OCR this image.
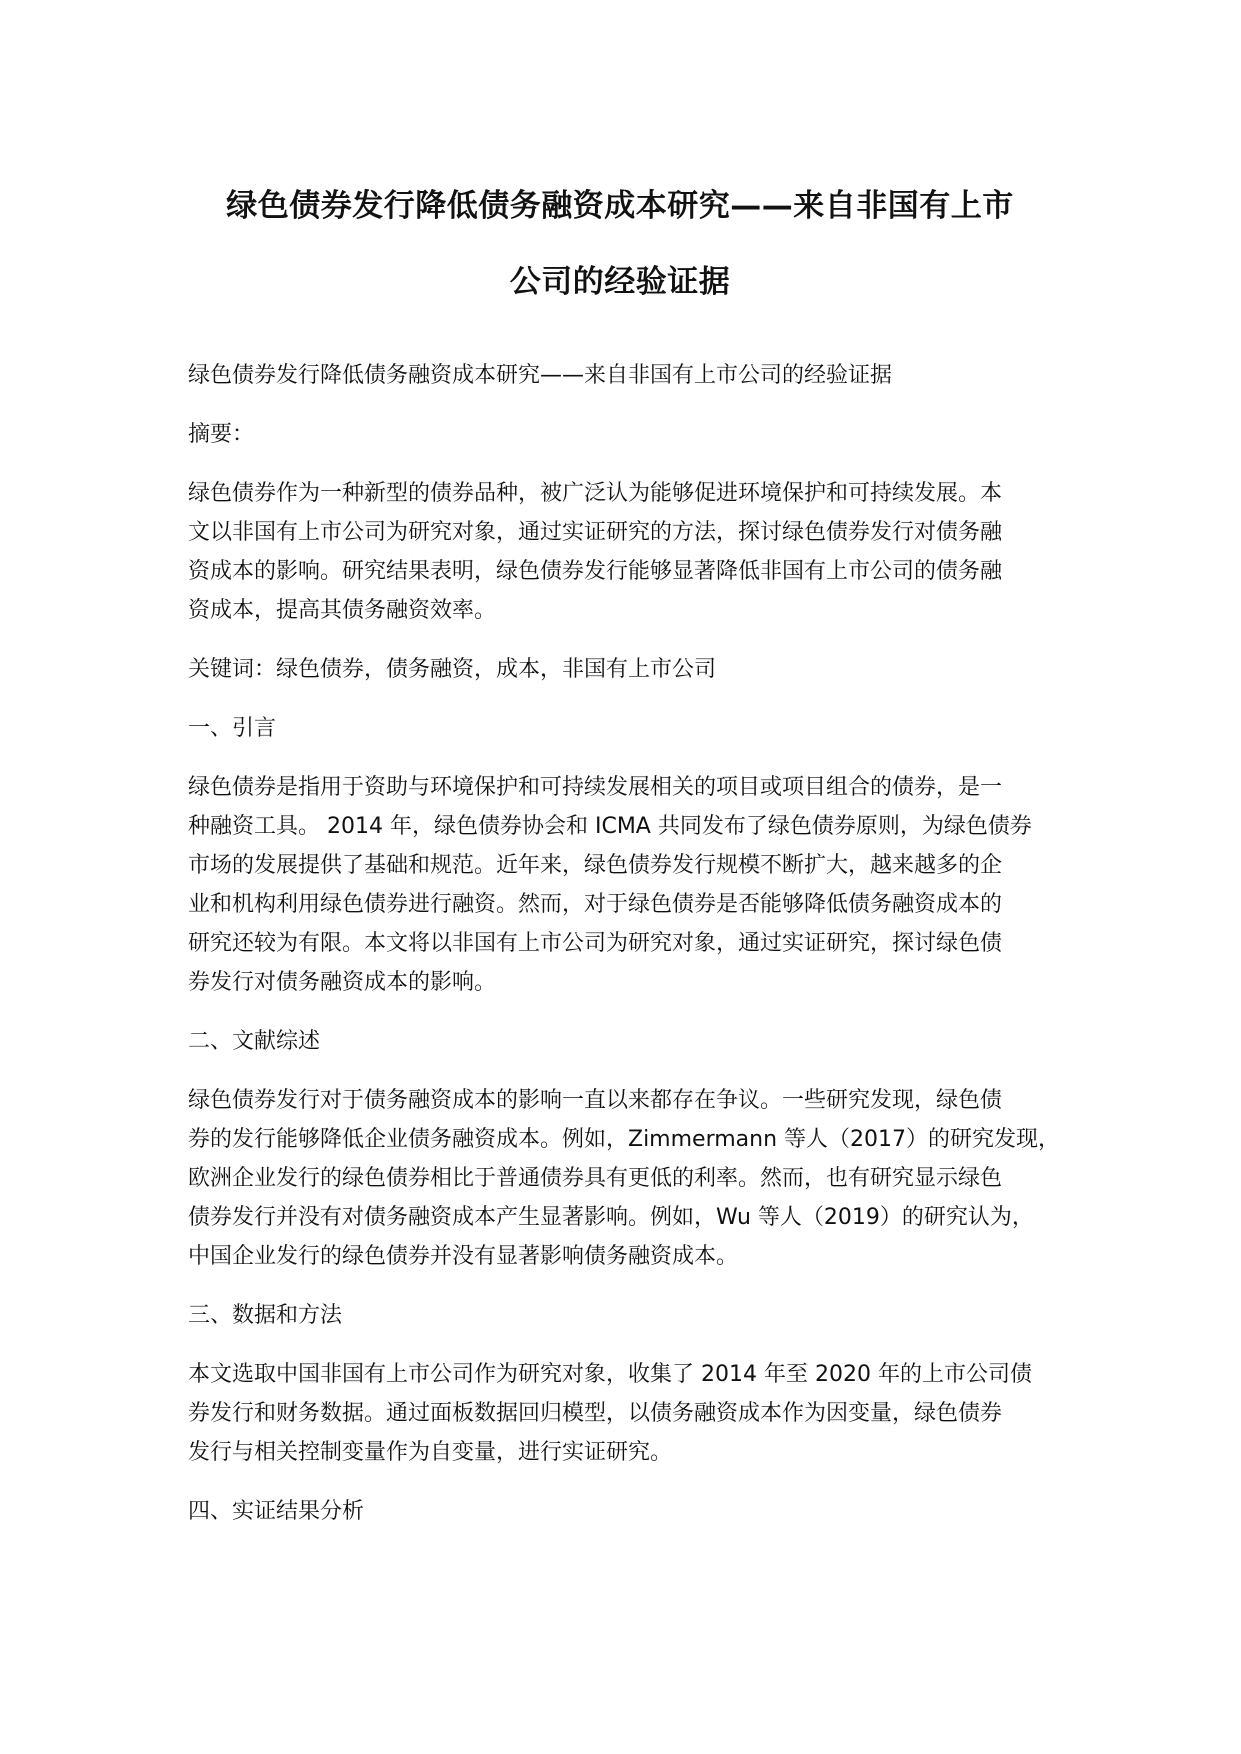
绿色债券发行降低债务融资成本研究——来自非国有上市
公司的经验证据

绿色债券发行降低债务融资成本研究——来自非国有上市公司的经验证据

摘要：

绿色债券作为一种新型的债券品种，被广泛认为能够促进环境保护和可持续发展。本
文以非国有上市公司为研究对象，通过实证研究的方法，探讨绿色债券发行对债务融
资成本的影响。研究结果表明，绿色债券发行能够显著降低非国有上市公司的债务融
资成本，提高其债务融资效率。

关键词：绿色债券，债务融资，成本，非国有上市公司

一、引言

绿色债券是指用于资助与环境保护和可持续发展相关的项目或项目组合的债券，是一
种融资工具。 2014 年，绿色债券协会和 ICMA 共同发布了绿色债券原则，为绿色债券
市场的发展提供了基础和规范。近年来，绿色债券发行规模不断扩大，越来越多的企
业和机构利用绿色债券进行融资。然而，对于绿色债券是否能够降低债务融资成本的
研究还较为有限。本文将以非国有上市公司为研究对象，通过实证研究，探讨绿色债
券发行对债务融资成本的影响。

二、文献综述

绿色债券发行对于债务融资成本的影响一直以来都存在争议。一些研究发现，绿色债
券的发行能够降低企业债务融资成本。例如，Zimmermann 等人（2017）的研究发现，
欧洲企业发行的绿色债券相比于普通债券具有更低的利率。然而，也有研究显示绿色
债券发行并没有对债务融资成本产生显著影响。例如，Wu 等人（2019）的研究认为，
中国企业发行的绿色债券并没有显著影响债务融资成本。

三、数据和方法

本文选取中国非国有上市公司作为研究对象，收集了 2014 年至 2020 年的上市公司债
券发行和财务数据。通过面板数据回归模型，以债务融资成本作为因变量，绿色债券
发行与相关控制变量作为自变量，进行实证研究。

四、实证结果分析
